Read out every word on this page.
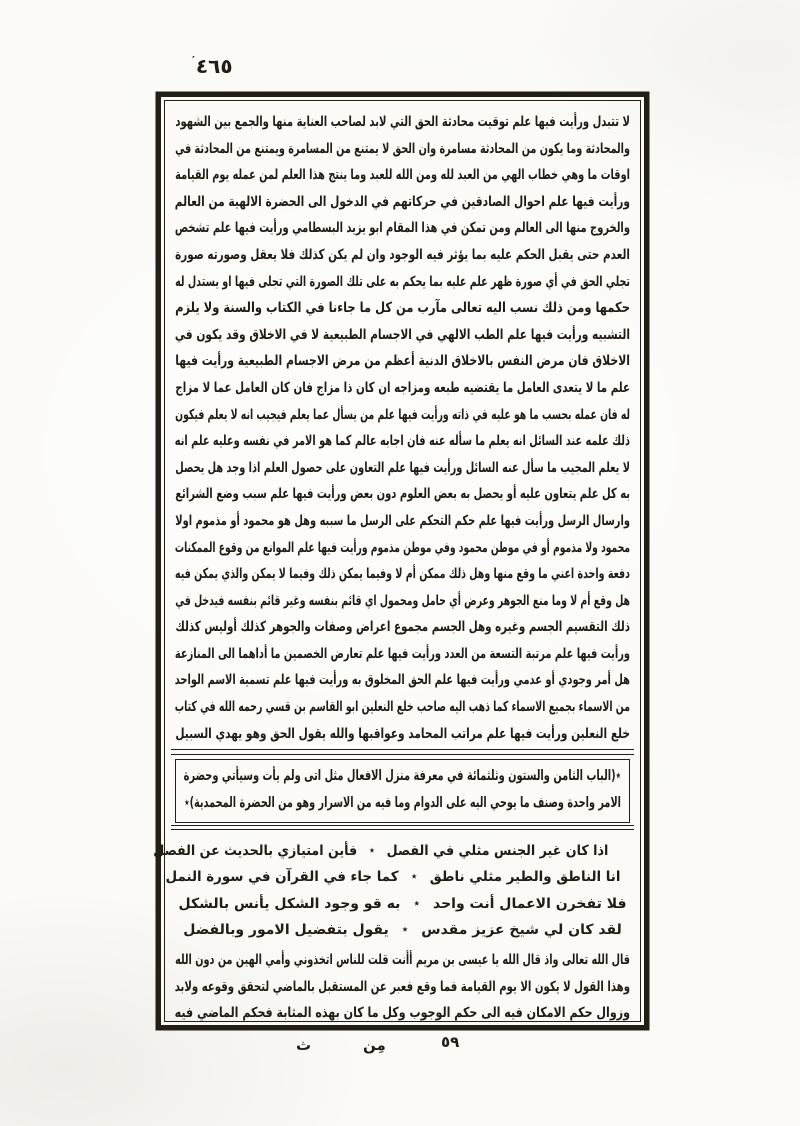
′٤٦٥
لا تتبدل ورأيت فيها علم توقيت محادثة الحق التي لابد لصاحب العناية منها والجمع بين الشهود
والمحادثة وما يكون من المحادثة مسامرة وان الحق لا يمتنع من المسامرة ويمتنع من المحادثة في
اوقات ما وهي خطاب الهي من العبد لله ومن الله للعبد وما ينتج هذا العلم لمن عمله يوم القيامة
ورأيت فيها علم احوال الصادقين في حركاتهم في الدخول الى الحضرة الالهية من العالم
والخروج منها الى العالم ومن تمكن في هذا المقام ابو يزيد البسطامي ورأيت فيها علم تشخص
العدم حتى يقبل الحكم عليه بما يؤثر فيه الوجود وان لم يكن كذلك فلا يعقل وصورته صورة
تجلي الحق في أي صورة ظهر علم عليه بما يحكم به على تلك الصورة التي تجلى فيها او يستدل له
حكمها ومن ذلك نسب اليه تعالى مآرب من كل ما جاءنا في الكتاب والسنة ولا يلزم
التشبيه ورأيت فيها علم الطب الالهي في الاجسام الطبيعية لا في الاخلاق وقد يكون في
الاخلاق فان مرض النفس بالاخلاق الدنية أعظم من مرض الاجسام الطبيعية ورأيت فيها
علم ما لا يتعدى العامل ما يقتضيه طبعه ومزاجه ان كان ذا مزاج فان كان العامل عما لا مزاج
له فان عمله بحسب ما هو عليه في ذاته ورأيت فيها علم من يسأل عما يعلم فيجيب انه لا يعلم فيكون
ذلك علمه عند السائل انه يعلم ما سأله عنه فان اجابه عالم كما هو الامر في نفسه وعليه علم انه
لا يعلم المجيب ما سأل عنه السائل ورأيت فيها علم التعاون على حصول العلم اذا وجد هل يحصل
به كل علم يتعاون عليه أو يحصل به بعض العلوم دون بعض ورأيت فيها علم سبب وضع الشرائع
وارسال الرسل ورأيت فيها علم حكم التحكم على الرسل ما سببه وهل هو محمود أو مذموم اولا
محمود ولا مذموم أو في موطن محمود وفي موطن مذموم ورأيت فيها علم الموانع من وقوع الممكنات
دفعة واحدة اعني ما وقع منها وهل ذلك ممكن أم لا وفيما يمكن ذلك وفيما لا يمكن والذي يمكن فيه
هل وقع أم لا وما منع الجوهر وعرض أي حامل ومحمول اي قائم بنفسه وغير قائم بنفسه فيدخل في
ذلك التقسيم الجسم وغيره وهل الجسم مجموع اعراض وصفات والجوهر كذلك أوليس كذلك
ورأيت فيها علم مرتبة التسعة من العدد ورأيت فيها علم تعارض الخصمين ما أداهما الى المنازعة
هل أمر وجودي أو عدمي ورأيت فيها علم الحق المخلوق به ورأيت فيها علم تسمية الاسم الواحد
من الاسماء بجميع الاسماء كما ذهب اليه صاحب خلع النعلين ابو القاسم بن قسي رحمه الله في كتاب
خلع النعلين ورأيت فيها علم مراتب المحامد وعواقبها والله يقول الحق وهو يهدي السبيل
٭(الباب الثامن والستون وثلثمائة في معرفة منزل الافعال مثل اتى ولم يأت وسيأتي وحضرة
الامر واحدة وصنف ما يوحي اليه على الدوام وما فيه من الاسرار وهو من الحضرة المحمدية)٭
اذا كان غير الجنس مثلي في الفصل٭فأين امتيازي بالحديث عن الفصل
انا الناطق والطير مثلي ناطق٭كما جاء في القرآن في سورة النمل
فلا تفخرن الاعمال أنت واحد٭به قو وجود الشكل يأنس بالشكل
لقد كان لي شيخ عزيز مقدس٭يقول بتفضيل الامور وبالفضل
قال الله تعالى واذ قال الله يا عيسى بن مريم أأنت قلت للناس اتخذوني وأمي الهين من دون الله
وهذا القول لا يكون الا يوم القيامة فما وقع فعبر عن المستقبل بالماضي لتحقق وقوعه ولابد
وزوال حكم الامكان فيه الى حكم الوجوب وكل ما كان بهذه المثابة فحكم الماضي فيه
٥٩
مِن
ث
